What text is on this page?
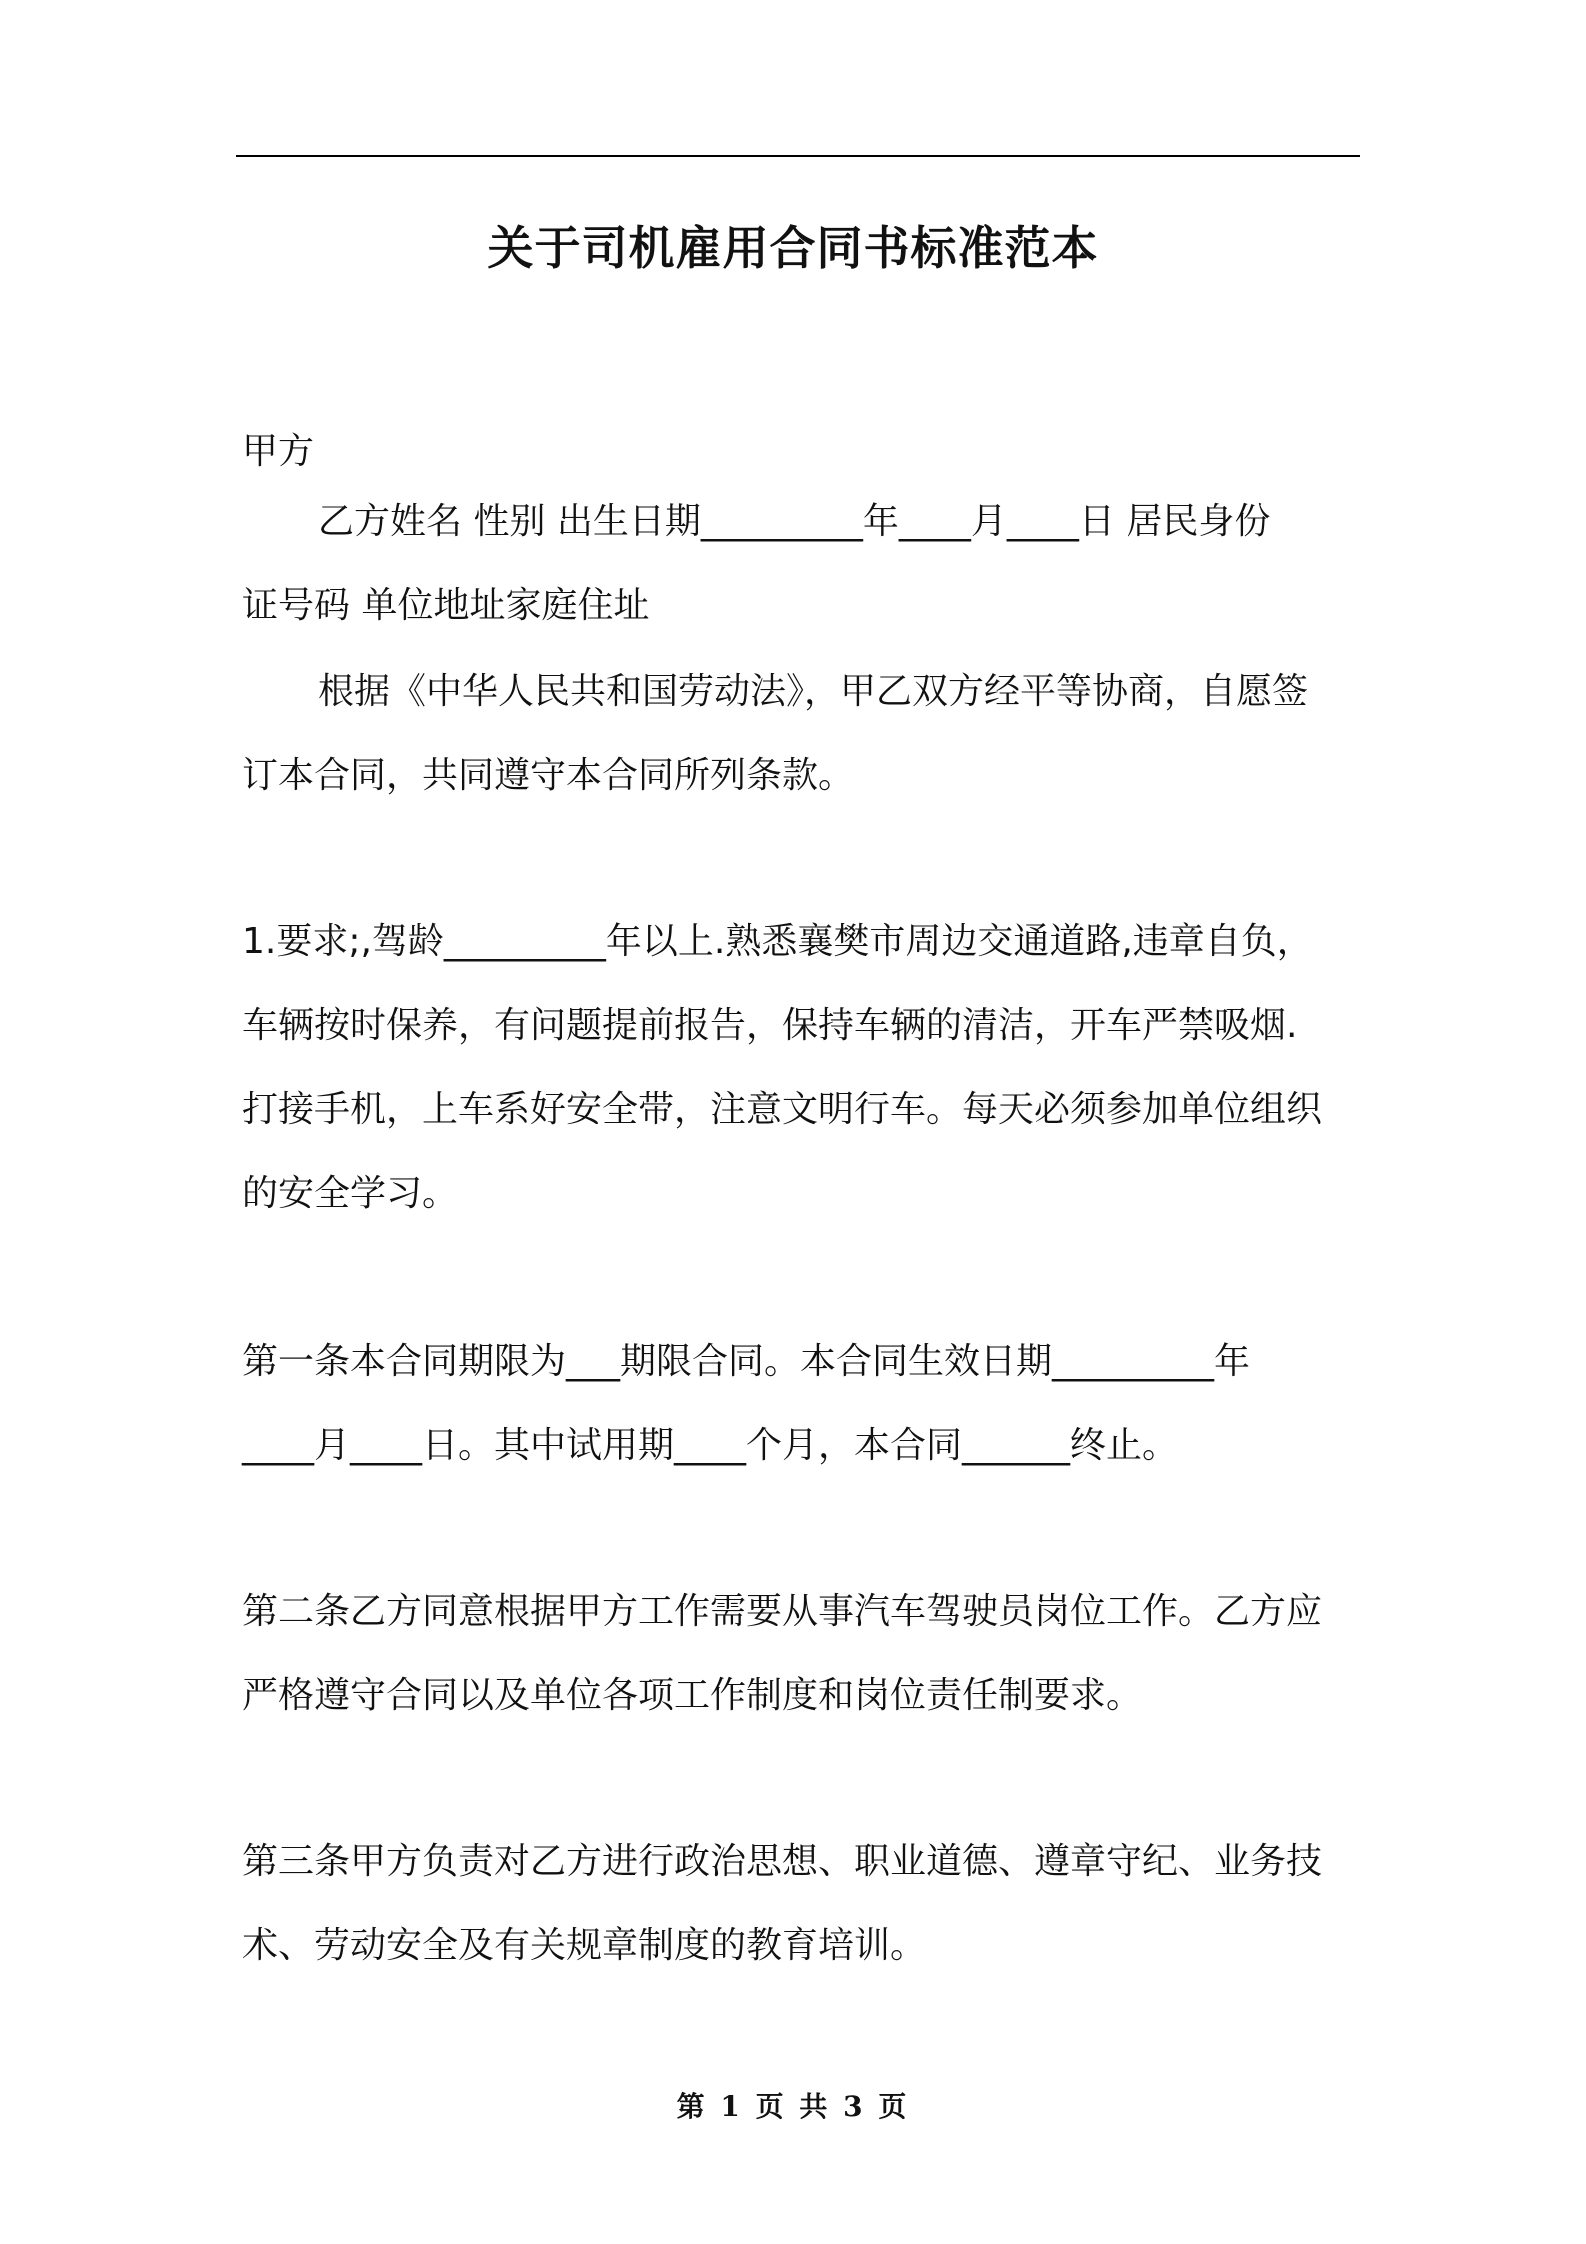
关于司机雇用合同书标准范本
甲方
乙方姓名 性别 出生日期_________年____月____日 居民身份
证号码 单位地址家庭住址
根据《中华人民共和国劳动法》，甲乙双方经平等协商，自愿签
订本合同，共同遵守本合同所列条款。
1.要求;,驾龄_________年以上.熟悉襄樊市周边交通道路,违章自负，
车辆按时保养，有问题提前报告，保持车辆的清洁，开车严禁吸烟.
打接手机，上车系好安全带，注意文明行车。每天必须参加单位组织
的安全学习。
第一条本合同期限为___期限合同。本合同生效日期_________年
____月____日。其中试用期____个月，本合同______终止。
第二条乙方同意根据甲方工作需要从事汽车驾驶员岗位工作。乙方应
严格遵守合同以及单位各项工作制度和岗位责任制要求。
第三条甲方负责对乙方进行政治思想、职业道德、遵章守纪、业务技
术、劳动安全及有关规章制度的教育培训。
第 1 页 共 3 页
